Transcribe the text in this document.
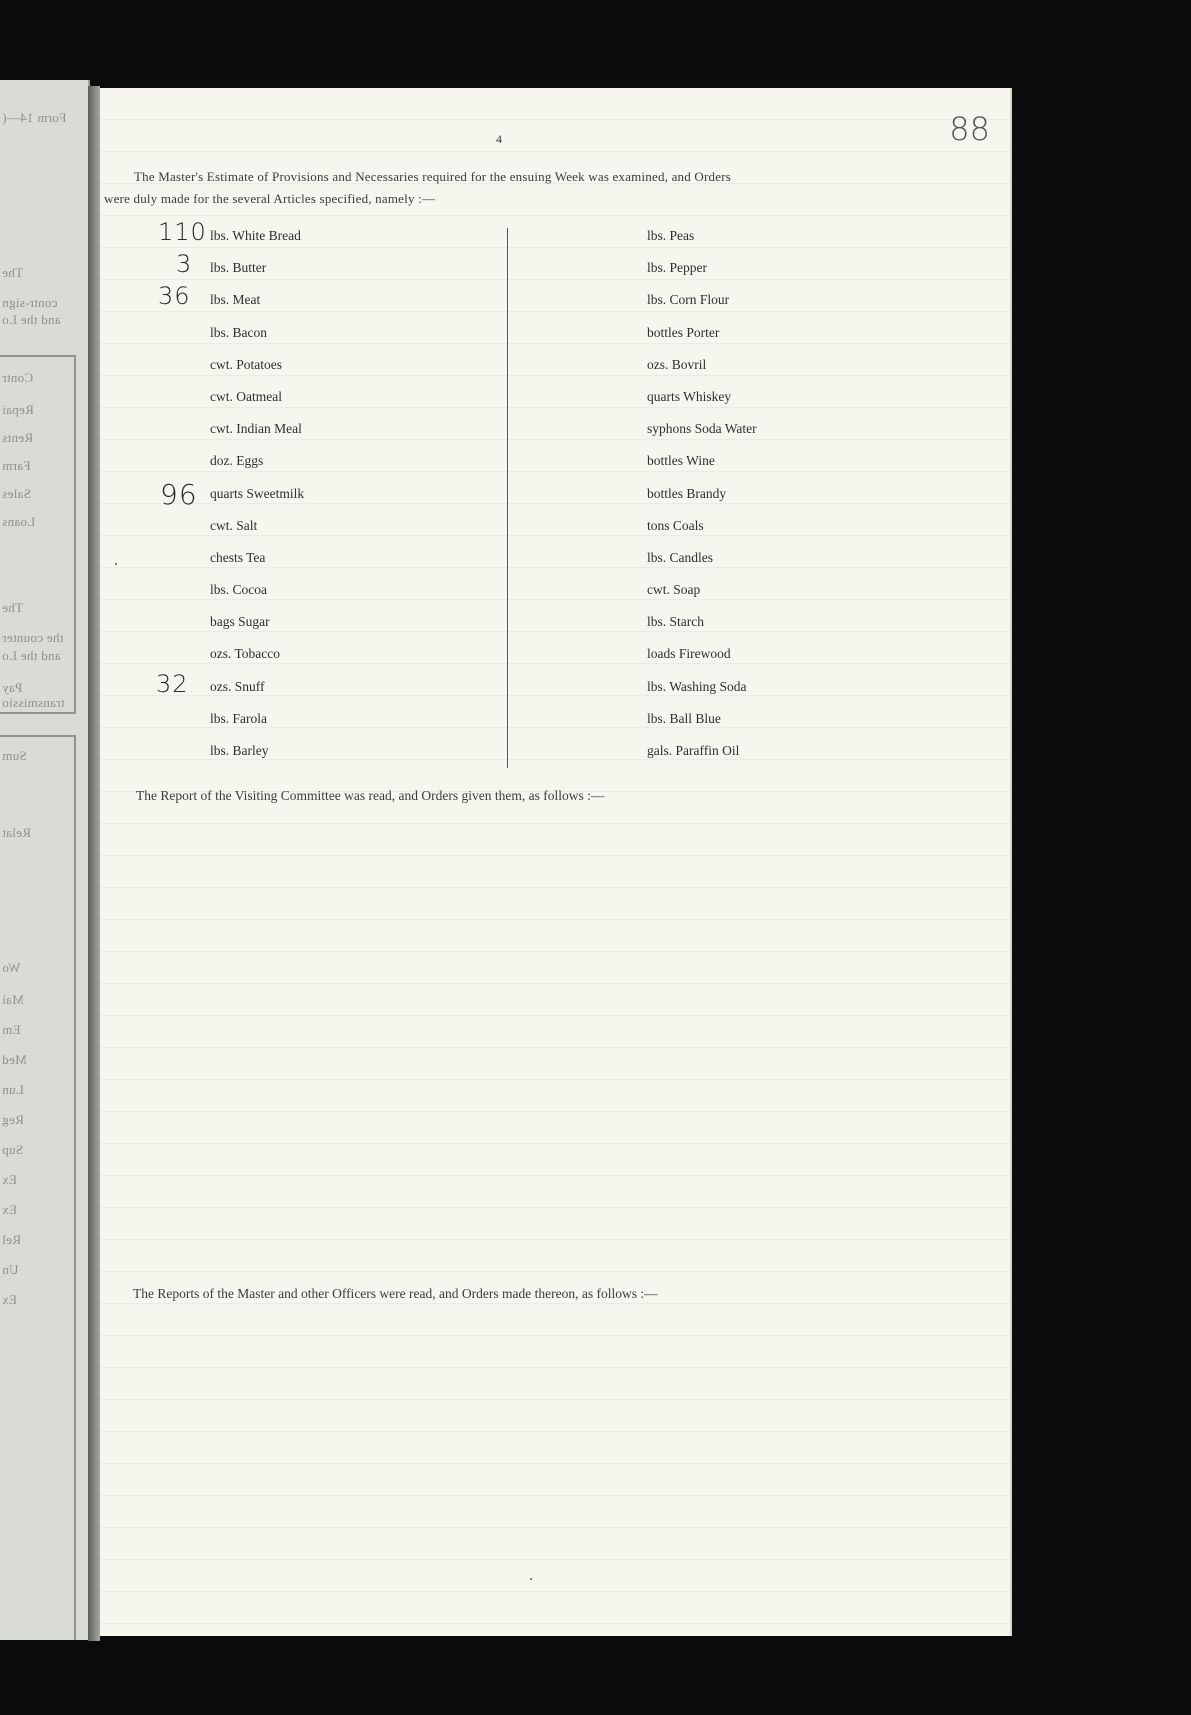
Form 14—(
The
contr-sign
and the Lo
Contr
Repai
Rents
Farm
Sales
Loans
The
the counter
and the Lo
Pay
transmissio
Sum
Relat
Wo
Mai
Em
Med
Lun
Reg
Sup
Ex
Ex
Rel
Un
Ex
4	88
The Master's Estimate of Provisions and Necessaries required for the ensuing Week was examined, and Orders
were duly made for the several Articles specified, namely :—
lbs. White Bread
lbs. Butter
lbs. Meat
lbs. Bacon
cwt. Potatoes
cwt. Oatmeal
cwt. Indian Meal
doz. Eggs
quarts Sweetmilk
cwt. Salt
chests Tea
lbs. Cocoa
bags Sugar
ozs. Tobacco
ozs. Snuff
lbs. Farola
lbs. Barley
lbs. Peas
lbs. Pepper
lbs. Corn Flour
bottles Porter
ozs. Bovril
quarts Whiskey
syphons Soda Water
bottles Wine
bottles Brandy
tons Coals
lbs. Candles
cwt. Soap
lbs. Starch
loads Firewood
lbs. Washing Soda
lbs. Ball Blue
gals. Paraffin Oil
110
3
36
96
32
The Report of the Visiting Committee was read, and Orders given them, as follows :—
The Reports of the Master and other Officers were read, and Orders made thereon, as follows :—
